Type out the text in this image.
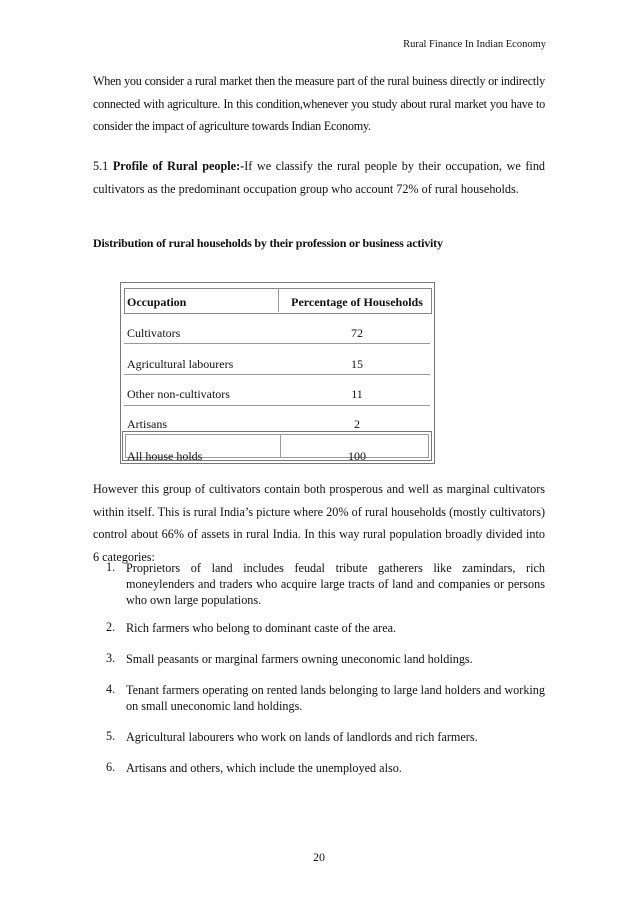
Rural Finance In Indian Economy
When you consider a rural market then the measure part of the rural buiness directly or indirectly connected with agriculture. In this condition,whenever you study about rural market you have to consider the impact of agriculture towards Indian Economy.
5.1 Profile of Rural people:-If we classify the rural people by their occupation, we find cultivators as the predominant occupation group who account 72% of rural households.
Distribution of rural households by their profession or business activity
However this group of cultivators contain both prosperous and well as marginal cultivators within itself. This is rural India’s picture where 20% of rural households (mostly cultivators) control about 66% of assets in rural India. In this way rural population broadly divided into 6 categories:
1. Proprietors of land includes feudal tribute gatherers like zamindars, rich moneylenders and traders who acquire large tracts of land and companies or persons who own large populations.
2. Rich farmers who belong to dominant caste of the area.
3. Small peasants or marginal farmers owning uneconomic land holdings.
4. Tenant farmers operating on rented lands belonging to large land holders and working on small uneconomic land holdings.
5. Agricultural labourers who work on lands of landlords and rich farmers.
6. Artisans and others, which include the unemployed also.
Occupation	Percentage of Households
Cultivators	72
Agricultural labourers	15
Other non-cultivators	11
Artisans	2
All house holds	100
20
